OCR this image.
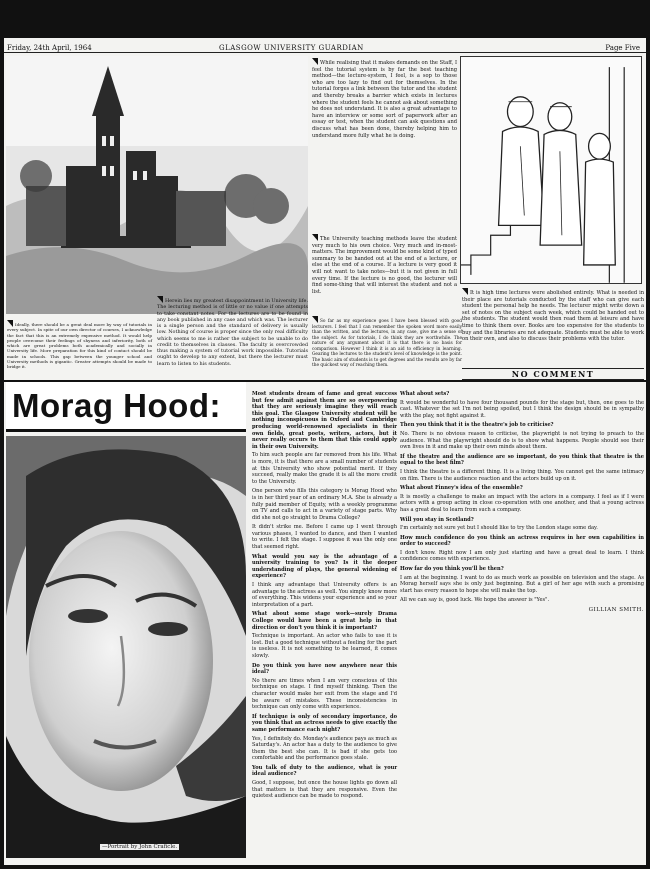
Friday, 24th April, 1964	GLASGOW UNIVERSITY GUARDIAN	Page Five

While realising that it makes demands on the Staff, I feel the tutorial system is by far the best teaching method—the lecture-system, I feel, is a sop to those who are too lazy to find out for themselves. In the tutorial forges a link between the tutor and the student and thereby breaks a barrier which exists in lectures where the student feels he cannot ask about something he does not understand. It is also a great advantage to have an interview or some sort of paperwork after an essay or test, when the student can ask questions and discuss what has been done, thereby helping him to understand more fully what he is doing.

The University teaching methods leave the student very much to his own choice. Very much and in-most-matters. The improvement would be some kind of typed summary to be handed out at the end of a lecture, or else at the end of a course. If a lecture is very good it will not want to take notes—but it is not given in full every time. If the lecture is no good, the lecturer will find some-thing that will interest the student and not a list.

Herein lies my greatest disappointment in University life. The lecturing method is of little or no value if one attempts to take constant notes. For the lectures are to be found in any book published in any case and which was. The lecturer is a single person and the standard of delivery is usually low. Nothing of course is proper since the only real difficulty which seems to me is rather the subject to be unable to do credit to themselves in classes. The faculty is overcrowded thus making a system of tutorial work impossible. Tutorials ought to develop to any extent, but there the lecturer must learn to listen to his students.

Ideally, there should be a great deal more by way of tutorials in every subject. In spite of our own director of courses, I acknowledge the fact that this is an extremely expensive method. It would help people overcome their feelings of shyness and inferiority, both of which are great problems both academically and socially in University life. More preparation for this kind of contact should be made in schools. This gap between the younger school and University methods is gigantic. Greater attempts should be made to bridge it.

So far as my experience goes I have been blessed with good lecturers. I feel that I can remember the spoken word more easily than the written, and the lectures, in any case, give me a sense of the subject. As for tutorials, I do think they are worthwhile. The nature of any argument about it is that there is no basis for comparison. However I think it is an aid to efficiency in learning. Gearing the lectures to the student's level of knowledge is the point. The basic aim of students is to get degrees and the results are by far the quickest way of reaching them.

It is high time lectures were abolished entirely. What is needed in their place are tutorials conducted by the staff who can give each student the personal help he needs. The lecturer might write down a set of notes on the subject each week, which could be handed out to the students. The student would then read them at leisure and have time to think them over. Books are too expensive for the students to buy and the libraries are not adequate. Students must be able to work on their own, and also to discuss their problems with the tutor.

NO COMMENT
Morag Hood:
—Portrait by John Craficle.

Most students dream of fame and great success but few admit against them are so overpowering that they are seriously imagine they will reach this goal. The Glasgow University student will be nothing inconspicuous in Oxford and Cambridge producing world-renowned specialists in their own fields, great poets, writers, actors, but it never really occurs to them that this could apply in their own University.

To him such people are far removed from his life. What is more, it is that there are a small number of students at this University who show potential merit. If they succeed, really make the grade it is all the more credit to the University.

One person who fills this category is Morag Hood who is in her third year of an ordinary M.A. She is already a fully paid member of Equity, with a weekly programme on TV and calls to act in a variety of stage parts. Why did she not go straight to Drama College?

It didn't strike me. Before I came up I went through various phases, I wanted to dance, and then I wanted to write. I felt the stage. I suppose it was the only one that seemed right.

What would you say is the advantage of a university training to you? Is it the deeper understanding of plays, the general widening of experience?

I think any advantage that University offers is an advantage to the actress as well. You simply know more of everything. This widens your experience and so your interpretation of a part.

What about some stage work—surely Drama College would have been a great help in that direction or don't you think it is important?

Technique is important. An actor who fails to use it is lost. But a good technique without a feeling for the part is useless. It is not something to be learned, it comes slowly.

Do you think you have now anywhere near this ideal?

No there are times when I am very conscious of this technique on stage. I find myself thinking. Then the character would make her exit from the stage and I'd be aware of mistakes. These inconsistencies in technique can only come with experience.

If technique is only of secondary importance, do you think that an actress needs to give exactly the same performance each night?

Yes, I definitely do. Monday's audience pays as much as Saturday's. An actor has a duty to the audience to give them the best she can. It is bad if she gets too comfortable and the performance goes stale.

You talk of duty to the audience, what is your ideal audience?

Good, I suppose, but once the house lights go down all that matters is that they are responsive. Even the quietest audience can be made to respond.

What about sets?

It would be wonderful to have four thousand pounds for the stage but, then, one goes to the cast. Whatever the set I'm not being spoiled, but I think the design should be in sympathy with the play, not fight against it.

Then you think that it is the theatre's job to criticise?

No. There is no obvious reason to criticise, the playwright is not trying to preach to the audience. What the playwright should do is to show what happens. People should see their own lives in it and make up their own minds about them.

If the theatre and the audience are so important, do you think that theatre is the equal to the best film?

I think the theatre is a different thing. It is a living thing. You cannot get the same intimacy on film. There is the audience reaction and the actors build up on it.

What about Finney's idea of the ensemble?

It is mostly a challenge to make an impact with the actors in a company. I feel as if I were actors with a group acting in close co-operation with one another, and that a young actress has a great deal to learn from such a company.

Will you stay in Scotland?

I'm certainly not sure yet but I should like to try the London stage some day.

How much confidence do you think an actress requires in her own capabilities in order to succeed?

I don't know. Right now I am only just starting and have a great deal to learn. I think confidence comes with experience.

How far do you think you'll be then?

I am at the beginning. I want to do as much work as possible on television and the stage. As Morag herself says she is only just beginning. But a girl of her age with such a promising start has every reason to hope she will make the top.

All we can say is, good luck. We hope the answer is "Yes".

GILLIAN SMITH.
